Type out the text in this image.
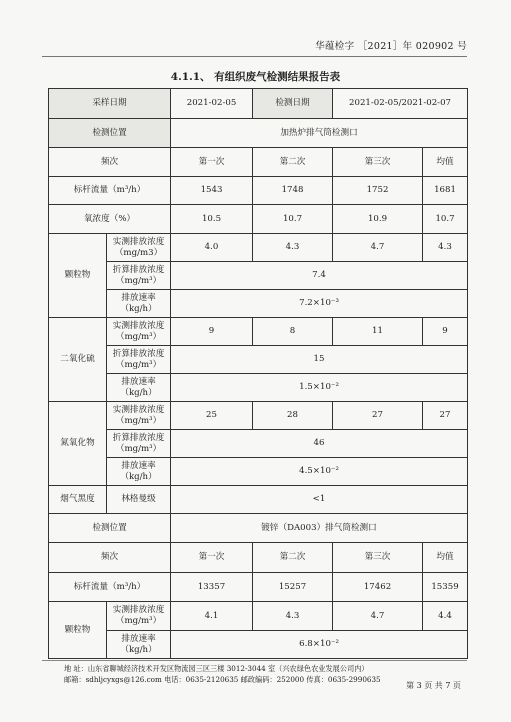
华蕴检字 ［2021］年 020902 号
4.1.1、 有组织废气检测结果报告表
采样日期		2021-02-05	检测日期	2021-02-05/2021-02-07	
检测位置		加热炉排气筒检测口			
频次		第一次	第二次	第三次	均值
标杆流量（m³/h）		1543	1748	1752	1681
氧浓度（%）		10.5	10.7	10.9	10.7
颗粒物	实测排放浓度（mg/m3）	4.0	4.3	4.7	4.3
	折算排放浓度（mg/m³）	7.4			
	排放速率（kg/h）	7.2×10⁻³			
二氧化硫	实测排放浓度（mg/m³）	9	8	11	9
	折算排放浓度（mg/m³）	15			
	排放速率（kg/h）	1.5×10⁻²			
氮氧化物	实测排放浓度（mg/m³）	25	28	27	27
	折算排放浓度（mg/m³）	46			
	排放速率（kg/h）	4.5×10⁻²			
烟气黑度	林格曼级	<1			
检测位置		镀锌（DA003）排气筒检测口			
频次		第一次	第二次	第三次	均值
标杆流量（m³/h）		13357	15257	17462	15359
颗粒物	实测排放浓度（mg/m³）	4.1	4.3	4.7	4.4
	排放速率（kg/h）	6.8×10⁻²			
地 址：山东省聊城经济技术开发区物流园三区三楼 3012-3044 室（兴农绿色农业发展公司内）
邮箱：sdhljcyxgs@126.com 电话：0635-2120635 邮政编码：252000 传真：0635-2990635
第 3 页 共 7 页
